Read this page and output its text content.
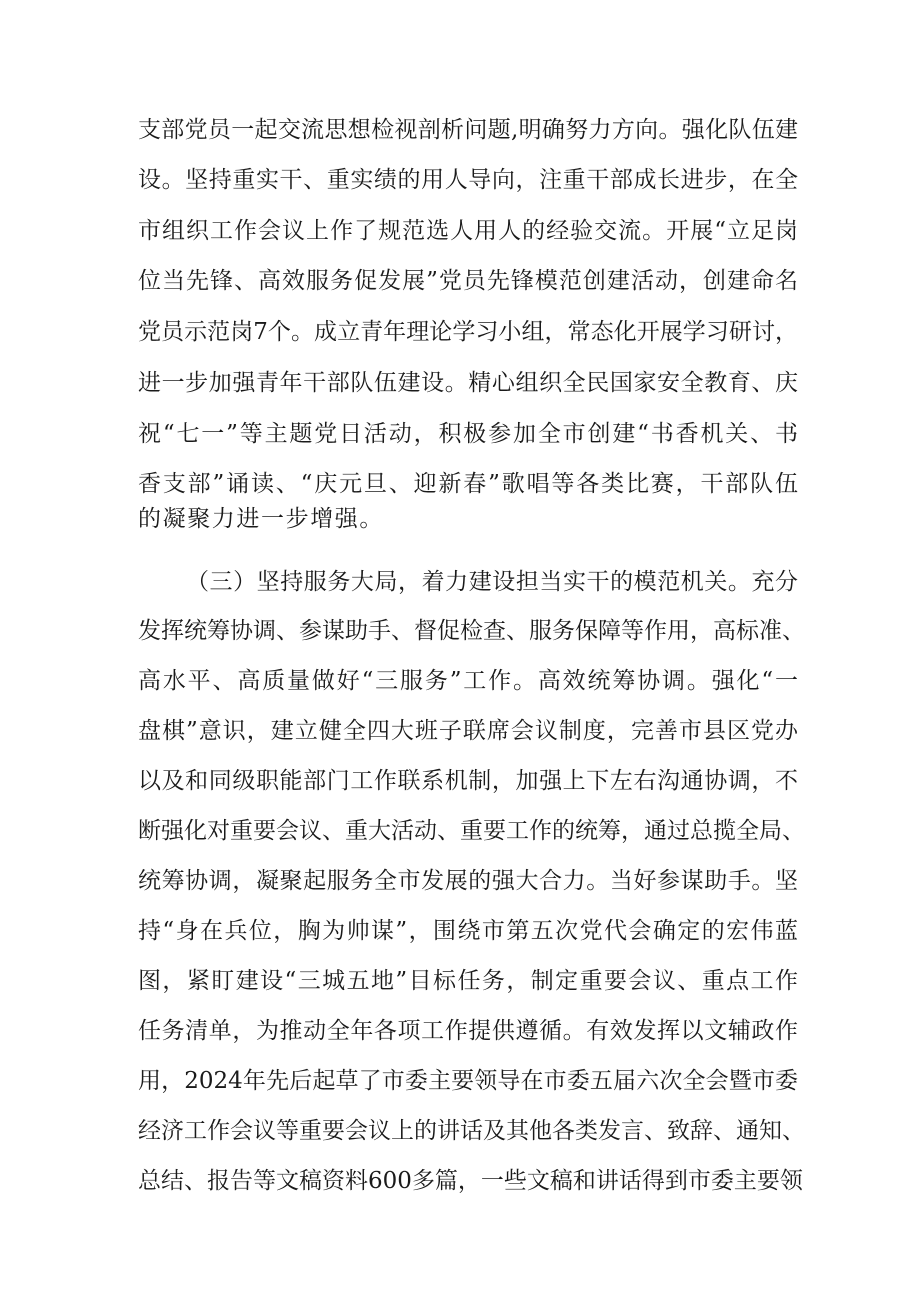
支部党员一起交流思想检视剖析问题,明确努力方向。强化队伍建
设。坚持重实干、重实绩的用人导向，注重干部成长进步，在全
市组织工作会议上作了规范选人用人的经验交流。开展“立足岗
位当先锋、高效服务促发展”党员先锋模范创建活动，创建命名
党员示范岗7个。成立青年理论学习小组，常态化开展学习研讨，
进一步加强青年干部队伍建设。精心组织全民国家安全教育、庆
祝“七一”等主题党日活动，积极参加全市创建“书香机关、书
香支部”诵读、“庆元旦、迎新春”歌唱等各类比赛，干部队伍
的凝聚力进一步增强。
（三）坚持服务大局，着力建设担当实干的模范机关。充分
发挥统筹协调、参谋助手、督促检查、服务保障等作用，高标准、
高水平、高质量做好“三服务”工作。高效统筹协调。强化“一
盘棋”意识，建立健全四大班子联席会议制度，完善市县区党办
以及和同级职能部门工作联系机制，加强上下左右沟通协调，不
断强化对重要会议、重大活动、重要工作的统筹，通过总揽全局、
统筹协调，凝聚起服务全市发展的强大合力。当好参谋助手。坚
持“身在兵位，胸为帅谋”，围绕市第五次党代会确定的宏伟蓝
图，紧盯建设“三城五地”目标任务，制定重要会议、重点工作
任务清单，为推动全年各项工作提供遵循。有效发挥以文辅政作
用，2024年先后起草了市委主要领导在市委五届六次全会暨市委
经济工作会议等重要会议上的讲话及其他各类发言、致辞、通知、
总结、报告等文稿资料600多篇，一些文稿和讲话得到市委主要领
